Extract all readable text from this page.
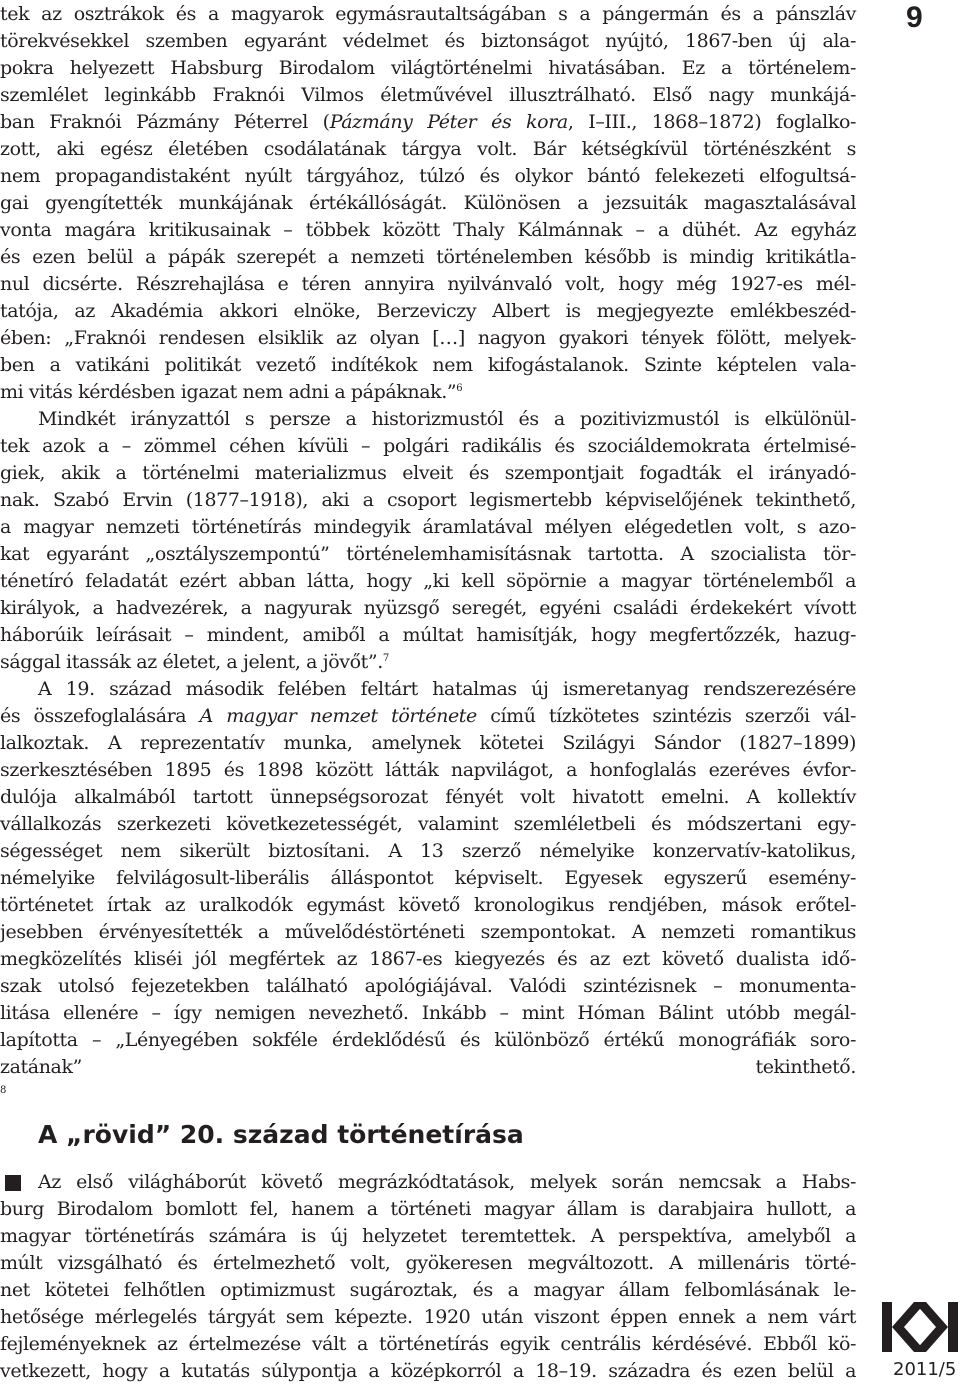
9
tek az osztrákok és a magyarok egymásrautaltságában s a pángermán és a pánszláv
törekvésekkel szemben egyaránt védelmet és biztonságot nyújtó, 1867-ben új ala-
pokra helyezett Habsburg Birodalom világtörténelmi hivatásában. Ez a történelem-
szemlélet leginkább Fraknói Vilmos életművével illusztrálható. Első nagy munkájá-
ban Fraknói Pázmány Péterrel (Pázmány Péter és kora, I–III., 1868–1872) foglalko-
zott, aki egész életében csodálatának tárgya volt. Bár kétségkívül történészként s
nem propagandistaként nyúlt tárgyához, túlzó és olykor bántó felekezeti elfogultsá-
gai gyengítették munkájának értékállóságát. Különösen a jezsuiták magasztalásával
vonta magára kritikusainak – többek között Thaly Kálmánnak – a dühét. Az egyház
és ezen belül a pápák szerepét a nemzeti történelemben később is mindig kritikátla-
nul dicsérte. Részrehajlása e téren annyira nyilvánvaló volt, hogy még 1927-es mél-
tatója, az Akadémia akkori elnöke, Berzeviczy Albert is megjegyezte emlékbeszéd-
ében: „Fraknói rendesen elsiklik az olyan […] nagyon gyakori tények fölött, melyek-
ben a vatikáni politikát vezető indítékok nem kifogástalanok. Szinte képtelen vala-
mi vitás kérdésben igazat nem adni a pápáknak.”$^6$
Mindkét irányzattól s persze a historizmustól és a pozitivizmustól is elkülönül-
tek azok a – zömmel céhen kívüli – polgári radikális és szociáldemokrata értelmisé-
giek, akik a történelmi materializmus elveit és szempontjait fogadták el irányadó-
nak. Szabó Ervin (1877–1918), aki a csoport legismertebb képviselőjének tekinthető,
a magyar nemzeti történetírás mindegyik áramlatával mélyen elégedetlen volt, s azo-
kat egyaránt „osztályszempontú” történelemhamisításnak tartotta. A szocialista tör-
ténetíró feladatát ezért abban látta, hogy „ki kell söpörnie a magyar történelemből a
királyok, a hadvezérek, a nagyurak nyüzsgő seregét, egyéni családi érdekekért vívott
háborúik leírásait – mindent, amiből a múltat hamisítják, hogy megfertőzzék, hazug-
sággal itassák az életet, a jelent, a jövőt”.$^7$
A 19. század második felében feltárt hatalmas új ismeretanyag rendszerezésére
és összefoglalására A magyar nemzet története című tízkötetes szintézis szerzői vál-
lalkoztak. A reprezentatív munka, amelynek kötetei Szilágyi Sándor (1827–1899)
szerkesztésében 1895 és 1898 között látták napvilágot, a honfoglalás ezeréves évfor-
dulója alkalmából tartott ünnepségsorozat fényét volt hivatott emelni. A kollektív
vállalkozás szerkezeti következetességét, valamint szemléletbeli és módszertani egy-
ségességet nem sikerült biztosítani. A 13 szerző némelyike konzervatív-katolikus,
némelyike felvilágosult-liberális álláspontot képviselt. Egyesek egyszerű esemény-
történetet írtak az uralkodók egymást követő kronologikus rendjében, mások erőtel-
jesebben érvényesítették a művelődéstörténeti szempontokat. A nemzeti romantikus
megközelítés kliséi jól megfértek az 1867-es kiegyezés és az ezt követő dualista idő-
szak utolsó fejezetekben található apológiájával. Valódi szintézisnek – monumenta-
litása ellenére – így nemigen nevezhető. Inkább – mint Hóman Bálint utóbb megál-
lapította – „Lényegében sokféle érdeklődésű és különböző értékű monográfiák soro-
zatának” tekinthető.
$^8$
A „rövid” 20. század történetírása
Az első világháborút követő megrázkódtatások, melyek során nemcsak a Habs-
burg Birodalom bomlott fel, hanem a történeti magyar állam is darabjaira hullott, a
magyar történetírás számára is új helyzetet teremtettek. A perspektíva, amelyből a
múlt vizsgálható és értelmezhető volt, gyökeresen megváltozott. A millenáris törté-
net kötetei felhőtlen optimizmust sugároztak, és a magyar állam felbomlásának le-
hetősége mérlegelés tárgyát sem képezte. 1920 után viszont éppen ennek a nem várt
fejleményeknek az értelmezése vált a történetírás egyik centrális kérdésévé. Ebből kö-
vetkezett, hogy a kutatás súlypontja a középkorról a 18–19. századra és ezen belül a 2011/5
